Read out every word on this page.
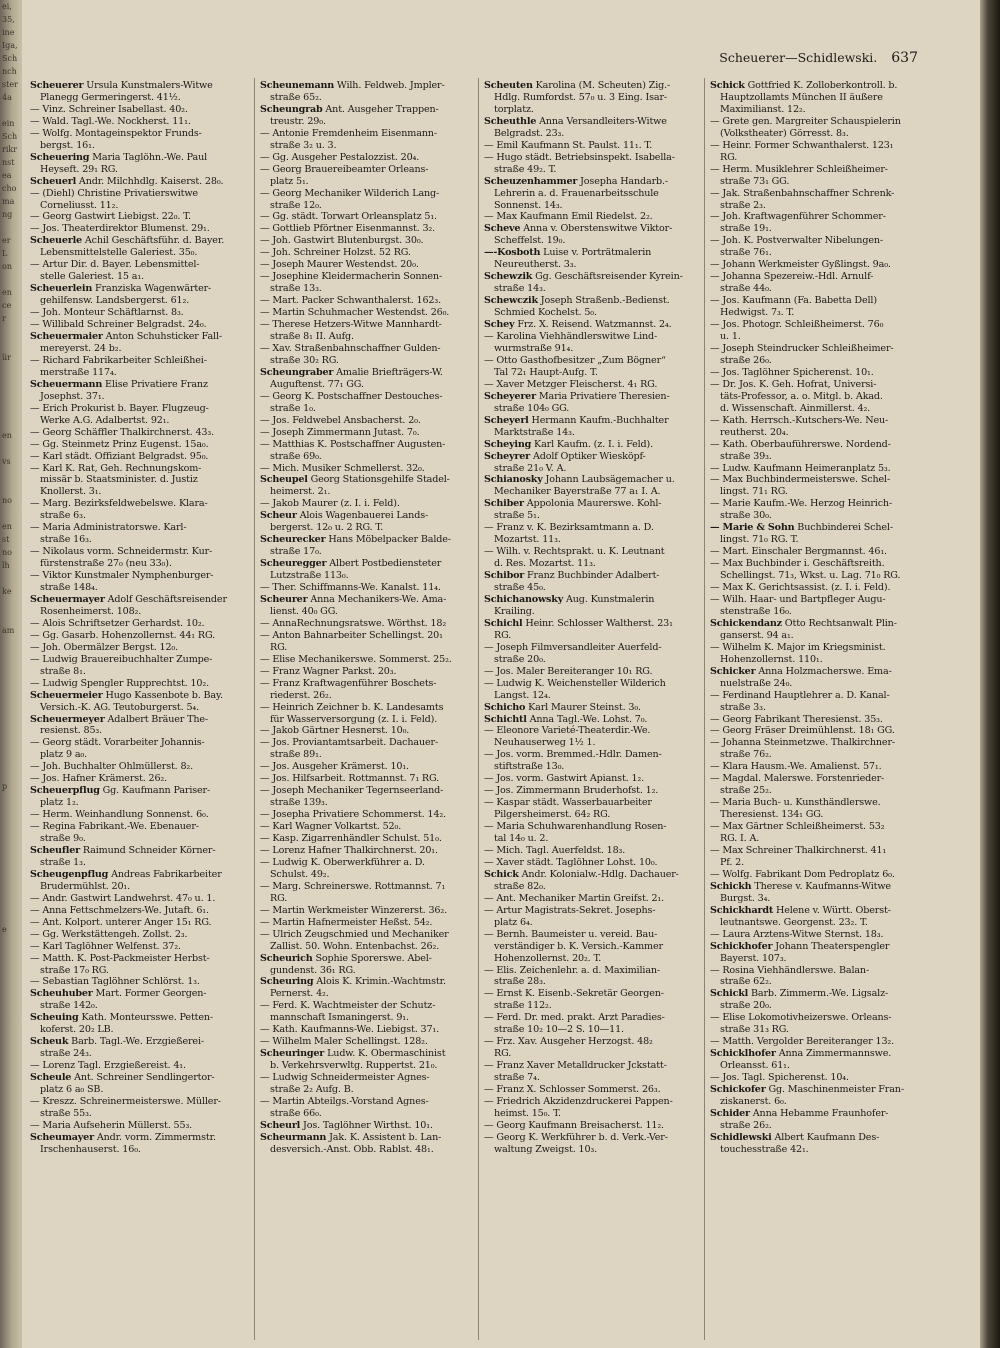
ei,
35,
ine
Iga,
Sch
nch
ster
4a

ein
Sch
rikr
nst
ea
cho
ma
ng

er
L
on

en
ce
r

ür

en

vs

no

en
st
no
lh

ke

am

p

e

Scheuerer—Schidlewski. 637
Scheuerer Ursula Kunstmalers-Witwe
Planegg Germeringerst. 41⅟₂.
— Vinz. Schreiner Isabellast. 40₂.
— Wald. Tagl.-We. Nockherst. 11₁.
— Wolfg. Montageinspektor Frunds-
bergst. 16₁.
Scheuering Maria Taglöhn.-We. Paul
Heyseft. 29₁ RG.
Scheuerl Andr. Milchhdlg. Kaiserst. 28₀.
— (Diehl) Christine Privatierswitwe
Corneliusst. 11₂.
— Georg Gastwirt Liebigst. 22₀. T.
— Jos. Theaterdirektor Blumenst. 29₁.
Scheuerle Achil Geschäftsführ. d. Bayer.
Lebensmittelstelle Galeriest. 35₀.
— Artur Dir. d. Bayer. Lebensmittel-
stelle Galeriest. 15 a₁.
Scheuerlein Franziska Wagenwärter-
gehilfensw. Landsbergerst. 61₂.
— Joh. Monteur Schäftlarnst. 8₃.
— Willibald Schreiner Belgradst. 24₀.
Scheuermaier Anton Schuhsticker Fall-
mereyerst. 24 b₂.
— Richard Fabrikarbeiter Schleißhei-
merstraße 117₄.
Scheuermann Elise Privatiere Franz
Josephst. 37₁.
— Erich Prokurist b. Bayer. Flugzeug-
Werke A.G. Adalbertst. 92₁.
— Georg Schäffler Thalkirchnerst. 43₃.
— Gg. Steinmetz Prinz Eugenst. 15a₀.
— Karl städt. Offiziant Belgradst. 95₀.
— Karl K. Rat, Geh. Rechnungskom-
missär b. Staatsminister. d. Justiz
Knollerst. 3₁.
— Marg. Bezirksfeldwebelswe. Klara-
straße 6₃.
— Maria Administratorswe. Karl-
straße 16₃.
— Nikolaus vorm. Schneidermstr. Kur-
fürstenstraße 27₀ (neu 33₀).
— Viktor Kunstmaler Nymphenburger-
straße 148₄.
Scheuermayer Adolf Geschäftsreisender
Rosenheimerst. 108₂.
— Alois Schriftsetzer Gerhardst. 10₂.
— Gg. Gasarb. Hohenzollernst. 44₁ RG.
— Joh. Obermälzer Bergst. 12₀.
— Ludwig Brauereibuchhalter Zumpe-
straße 8₁.
— Ludwig Spengler Rupprechtst. 10₂.
Scheuermeier Hugo Kassenbote b. Bay.
Versich.-K. AG. Teutoburgerst. 5₄.
Scheuermeyer Adalbert Bräuer The-
resienst. 85₃.
— Georg städt. Vorarbeiter Johannis-
platz 9 a₀.
— Joh. Buchhalter Ohlmüllerst. 8₂.
— Jos. Hafner Krämerst. 26₂.
Scheuerpflug Gg. Kaufmann Pariser-
platz 1₂.
— Herm. Weinhandlung Sonnenst. 6₀.
— Regina Fabrikant.-We. Ebenauer-
straße 9₀.
Scheufler Raimund Schneider Körner-
straße 1₃.
Scheugenpflug Andreas Fabrikarbeiter
Brudermühlst. 20₁.
— Andr. Gastwirt Landwehrst. 47₀ u. 1.
— Anna Fettschmelzers-We. Jutaft. 6₁.
— Ant. Kolport. unterer Anger 15₁ RG.
— Gg. Werkstättengeh. Zollst. 2₃.
— Karl Taglöhner Welfenst. 37₂.
— Matth. K. Post-Packmeister Herbst-
straße 17₀ RG.
— Sebastian Taglöhner Schlörst. 1₃.
Scheuhuber Mart. Former Georgen-
straße 142₀.
Scheuing Kath. Monteursswe. Petten-
koferst. 20₂ LB.
Scheuk Barb. Tagl.-We. Erzgießerei-
straße 24₃.
— Lorenz Tagl. Erzgießereist. 4₁.
Scheule Ant. Schreiner Sendlingertor-
platz 6 a₀ SB.
— Kreszz. Schreinermeisterswe. Müller-
straße 55₃.
— Maria Aufseherin Müllerst. 55₃.
Scheumayer Andr. vorm. Zimmermstr.
Irschenhauserst. 16₀.
Scheunemann Wilh. Feldweb. Jmpler-
straße 65₂.
Scheungrab Ant. Ausgeher Trappen-
treustr. 29₀.
— Antonie Fremdenheim Eisenmann-
straße 3₂ u. 3.
— Gg. Ausgeher Pestalozzist. 20₄.
— Georg Brauereibeamter Orleans-
platz 5₁.
— Georg Mechaniker Wilderich Lang-
straße 12₀.
— Gg. städt. Torwart Orleansplatz 5₁.
— Gottlieb Pförtner Eisenmannst. 3₂.
— Joh. Gastwirt Blutenburgst. 30₀.
— Joh. Schreiner Holzst. 52 RG.
— Joseph Maurer Westendst. 20₀.
— Josephine Kleidermacherin Sonnen-
straße 13₃.
— Mart. Packer Schwanthalerst. 162₃.
— Martin Schuhmacher Westendst. 26₀.
— Therese Hetzers-Witwe Mannhardt-
straße 8₁ II. Aufg.
— Xav. Straßenbahnschaffner Gulden-
straße 30₂ RG.
Scheungraber Amalie Briefträgers-W.
Auguftenst. 77₁ GG.
— Georg K. Postschaffner Destouches-
straße 1₀.
— Jos. Feldwebel Ansbacherst. 2₀.
— Joseph Zimmermann Jutast. 7₀.
— Matthias K. Postschaffner Augusten-
straße 69₀.
— Mich. Musiker Schmellerst. 32₀.
Scheupel Georg Stationsgehilfe Stadel-
heimerst. 2₁.
— Jakob Maurer (z. I. i. Feld).
Scheur Alois Wagenbauerei Lands-
bergerst. 12₀ u. 2 RG. T.
Scheurecker Hans Möbelpacker Balde-
straße 17₀.
Scheuregger Albert Postbediensteter
Lutzstraße 113₀.
— Ther. Schiffmanns-We. Kanalst. 11₄.
Scheurer Anna Mechanikers-We. Ama-
lienst. 40₀ GG.
— AnnaRechnungsratswe. Wörthst. 18₂
— Anton Bahnarbeiter Schellingst. 20₁
RG.
— Elise Mechanikerswe. Sommerst. 25₂.
— Franz Wagner Parkst. 20₃.
— Franz Kraftwagenführer Boschets-
riederst. 26₂.
— Heinrich Zeichner b. K. Landesamts
für Wasserversorgung (z. I. i. Feld).
— Jakob Gärtner Hesnerst. 10₀.
— Jos. Proviantamtsarbeit. Dachauer-
straße 89₁.
— Jos. Ausgeher Krämerst. 10₁.
— Jos. Hilfsarbeit. Rottmannst. 7₁ RG.
— Joseph Mechaniker Tegernseerland-
straße 139₃.
— Josepha Privatiere Schommerst. 14₂.
— Karl Wagner Volkartst. 52₀.
— Kasp. Zigarrenhändler Schulst. 51₀.
— Lorenz Hafner Thalkirchnerst. 20₁.
— Ludwig K. Oberwerkführer a. D.
Schulst. 49₂.
— Marg. Schreinerswe. Rottmannst. 7₁
RG.
— Martin Werkmeister Winzererst. 36₂.
— Martin Hafnermeister Heßst. 54₂.
— Ulrich Zeugschmied und Mechaniker
Zallist. 50. Wohn. Entenbachst. 26₂.
Scheurich Sophie Sporerswe. Abel-
gundenst. 36₁ RG.
Scheuring Alois K. Krimin.-Wachtmstr.
Pernerst. 4₂.
— Ferd. K. Wachtmeister der Schutz-
mannschaft Ismaningerst. 9₁.
— Kath. Kaufmanns-We. Liebigst. 37₁.
— Wilhelm Maler Schellingst. 128₂.
Scheuringer Ludw. K. Obermaschinist
b. Verkehrsverwltg. Ruppertst. 21₀.
— Ludwig Schneidermeister Agnes-
straße 2₂ Aufg. B.
— Martin Abteilgs.-Vorstand Agnes-
straße 66₀.
Scheurl Jos. Taglöhner Wirthst. 10₁.
Scheurmann Jak. K. Assistent b. Lan-
desversich.-Anst. Obb. Rablst. 48₁.
Scheuten Karolina (M. Scheuten) Zig.-
Hdlg. Rumfordst. 57₀ u. 3 Eing. Isar-
torplatz.
Scheuthle Anna Versandleiters-Witwe
Belgradst. 23₃.
— Emil Kaufmann St. Paulst. 11₁. T.
— Hugo städt. Betriebsinspekt. Isabella-
straße 49₂. T.
Scheuzenhammer Josepha Handarb.-
Lehrerin a. d. Frauenarbeitsschule
Sonnenst. 14₃.
— Max Kaufmann Emil Riedelst. 2₂.
Scheve Anna v. Oberstenswitwe Viktor-
Scheffelst. 19₀.
—-Kosboth Luise v. Porträtmalerin
Neureutherst. 3₃.
Schewzik Gg. Geschäftsreisender Kyrein-
straße 14₃.
Schewczik Joseph Straßenb.-Bedienst.
Schmied Kochelst. 5₀.
Schey Frz. X. Reisend. Watzmannst. 2₄.
— Karolina Viehhändlerswitwe Lind-
wurmstraße 91₄.
— Otto Gasthofbesitzer „Zum Bögner“
Tal 72₁ Haupt-Aufg. T.
— Xaver Metzger Fleischerst. 4₁ RG.
Scheyerer Maria Privatiere Theresien-
straße 104₀ GG.
Scheyerl Hermann Kaufm.-Buchhalter
Marktstraße 14₃.
Scheying Karl Kaufm. (z. I. i. Feld).
Scheyrer Adolf Optiker Wiesköpf-
straße 21₀ V. A.
Schianosky Johann Laubsägemacher u.
Mechaniker Bayerstraße 77 a₁ I. A.
Schiber Appolonia Maurerswe. Kohl-
straße 5₁.
— Franz v. K. Bezirksamtmann a. D.
Mozartst. 11₃.
— Wilh. v. Rechtsprakt. u. K. Leutnant
d. Res. Mozartst. 11₃.
Schibor Franz Buchbinder Adalbert-
straße 45₀.
Schichanowsky Aug. Kunstmalerin
Krailing.
Schichl Heinr. Schlosser Waltherst. 23₁
RG.
— Joseph Filmversandleiter Auerfeld-
straße 20₀.
— Jos. Maler Bereiteranger 10₁ RG.
— Ludwig K. Weichensteller Wilderich
Langst. 12₄.
Schicho Karl Maurer Steinst. 3₀.
Schichtl Anna Tagl.-We. Lohst. 7₀.
— Eleonore Varieté-Theaterdir.-We.
Neuhauserweg 1⅟₂ 1.
— Jos. vorm. Bremmed.-Hdlr. Damen-
stiftstraße 13₀.
— Jos. vorm. Gastwirt Apianst. 1₂.
— Jos. Zimmermann Bruderhofst. 1₂.
— Kaspar städt. Wasserbauarbeiter
Pilgersheimerst. 64₂ RG.
— Maria Schuhwarenhandlung Rosen-
tal 14₀ u. 2.
— Mich. Tagl. Auerfeldst. 18₃.
— Xaver städt. Taglöhner Lohst. 10₀.
Schick Andr. Kolonialw.-Hdlg. Dachauer-
straße 82₀.
— Ant. Mechaniker Martin Greifst. 2₁.
— Artur Magistrats-Sekret. Josephs-
platz 6₄.
— Bernh. Baumeister u. vereid. Bau-
verständiger b. K. Versich.-Kammer
Hohenzollernst. 20₂. T.
— Elis. Zeichenlehr. a. d. Maximilian-
straße 28₃.
— Ernst K. Eisenb.-Sekretär Georgen-
straße 112₂.
— Ferd. Dr. med. prakt. Arzt Paradies-
straße 10₂ 10—2 S. 10—11.
— Frz. Xav. Ausgeher Herzogst. 48₂
RG.
— Franz Xaver Metalldrucker Jckstatt-
straße 7₄.
— Franz X. Schlosser Sommerst. 26₃.
— Friedrich Akzidenzdruckerei Pappen-
heimst. 15₀. T.
— Georg Kaufmann Breisacherst. 11₂.
— Georg K. Werkführer b. d. Verk.-Ver-
waltung Zweigst. 10₃.
Schick Gottfried K. Zolloberkontroll. b.
Hauptzollamts München II äußere
Maximilianst. 12₂.
— Grete gen. Margreiter Schauspielerin
(Volkstheater) Görresst. 8₃.
— Heinr. Former Schwanthalerst. 123₁
RG.
— Herm. Musiklehrer Schleißheimer-
straße 73₁ GG.
— Jak. Straßenbahnschaffner Schrenk-
straße 2₃.
— Joh. Kraftwagenführer Schommer-
straße 19₁.
— Joh. K. Postverwalter Nibelungen-
straße 76₁.
— Johann Werkmeister Gyßlingst. 9a₀.
— Johanna Spezereiw.-Hdl. Arnulf-
straße 44₀.
— Jos. Kaufmann (Fa. Babetta Dell)
Hedwigst. 7₃. T.
— Jos. Photogr. Schleißheimerst. 76₀
u. 1.
— Joseph Steindrucker Schleißheimer-
straße 26₀.
— Jos. Taglöhner Spicherenst. 10₁.
— Dr. Jos. K. Geh. Hofrat, Universi-
täts-Professor, a. o. Mitgl. b. Akad.
d. Wissenschaft. Ainmillerst. 4₂.
— Kath. Herrsch.-Kutschers-We. Neu-
reutherst. 20₄.
— Kath. Oberbauführerswe. Nordend-
straße 39₃.
— Ludw. Kaufmann Heimeranplatz 5₃.
— Max Buchbindermeisterswe. Schel-
lingst. 71₁ RG.
— Marie Kaufm.-We. Herzog Heinrich-
straße 30₀.
— Marie & Sohn Buchbinderei Schel-
lingst. 71₀ RG. T.
— Mart. Einschaler Bergmannst. 46₁.
— Max Buchbinder i. Geschäftsreith.
Schellingst. 71₃, Wkst. u. Lag. 71₀ RG.
— Max K. Gerichtsassist. (z. I. i. Feld).
— Wilh. Haar- und Bartpfleger Augu-
stenstraße 16₀.
Schickendanz Otto Rechtsanwalt Plin-
ganserst. 94 a₁.
— Wilhelm K. Major im Kriegsminist.
Hohenzollernst. 110₁.
Schicker Anna Holzmacherswe. Ema-
nuelstraße 24₀.
— Ferdinand Hauptlehrer a. D. Kanal-
straße 3₃.
— Georg Fabrikant Theresienst. 35₃.
— Georg Fräser Dreimühlenst. 18₁ GG.
— Johanna Steinmetzwe. Thalkirchner-
straße 76₂.
— Klara Hausm.-We. Amalienst. 57₁.
— Magdal. Malerswe. Forstenrieder-
straße 25₂.
— Maria Buch- u. Kunsthändlerswe.
Theresienst. 134₁ GG.
— Max Gärtner Schleißheimerst. 53₂
RG. I. A.
— Max Schreiner Thalkirchnerst. 41₁
Pf. 2.
— Wolfg. Fabrikant Dom Pedroplatz 6₀.
Schickh Therese v. Kaufmanns-Witwe
Burgst. 3₄.
Schickhardt Helene v. Württ. Oberst-
leutnantswe. Georgenst. 23₂. T.
— Laura Arztens-Witwe Sternst. 18₃.
Schickhofer Johann Theaterspengler
Bayerst. 107₃.
— Rosina Viehhändlerswe. Balan-
straße 62₂.
Schickl Barb. Zimmerm.-We. Ligsalz-
straße 20₀.
— Elise Lokomotivheizerswe. Orleans-
straße 31₃ RG.
— Matth. Vergolder Bereiteranger 13₂.
Schicklhofer Anna Zimmermannswe.
Orleansst. 61₁.
— Jos. Tagl. Spicherenst. 10₄.
Schickofer Gg. Maschinenmeister Fran-
ziskanerst. 6₀.
Schider Anna Hebamme Fraunhofer-
straße 26₂.
Schidlewski Albert Kaufmann Des-
touchesstraße 42₁.
